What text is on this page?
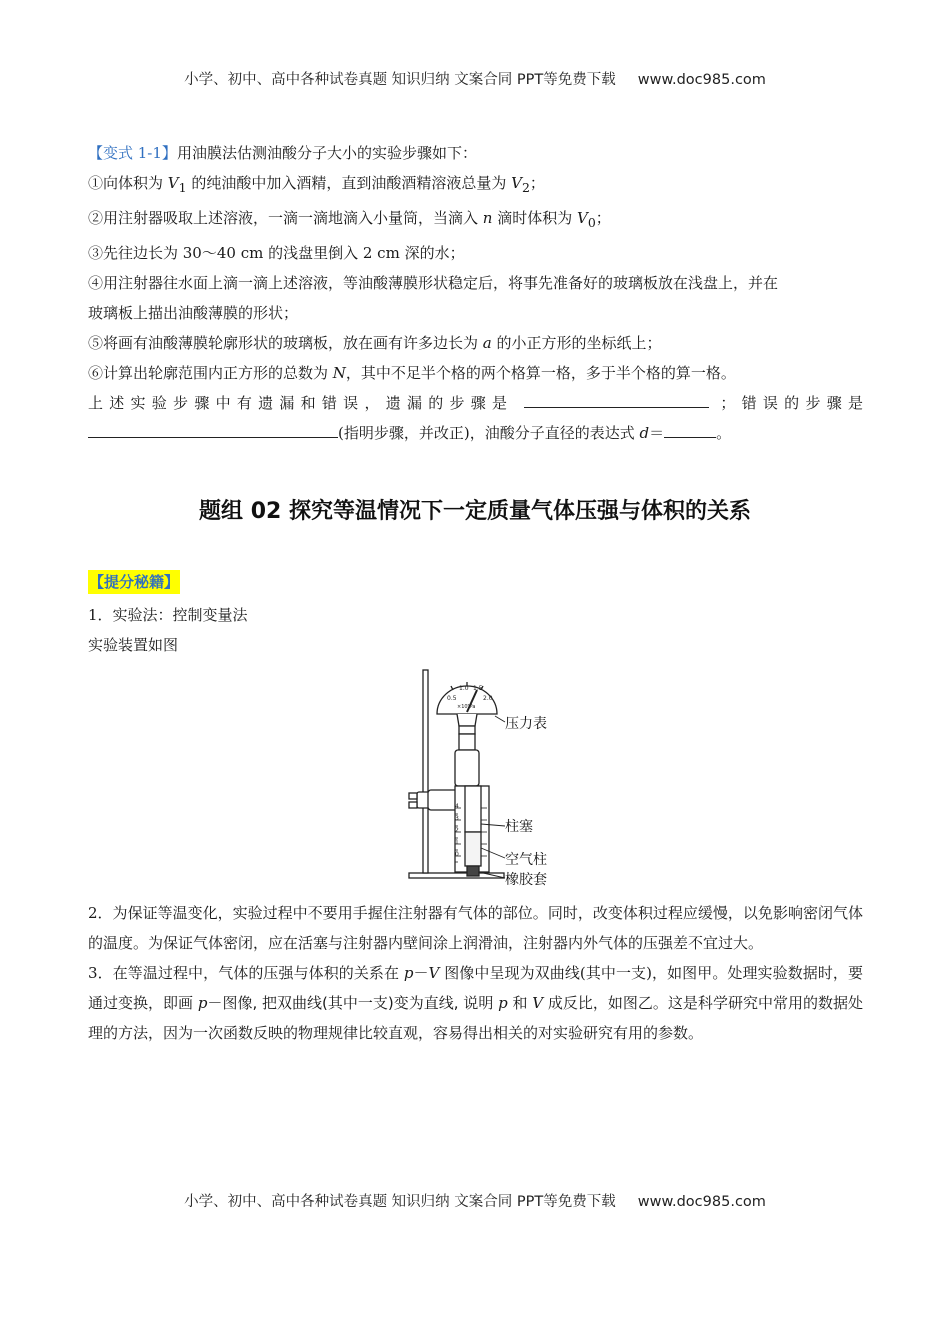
小学、初中、高中各种试卷真题 知识归纳 文案合同 PPT等免费下载 www.doc985.com
【变式 1-1】用油膜法估测油酸分子大小的实验步骤如下：
①向体积为 $V_1$ 的纯油酸中加入酒精，直到油酸酒精溶液总量为 $V_2$；
②用注射器吸取上述溶液，一滴一滴地滴入小量筒，当滴入 n 滴时体积为 $V_0$；
③先往边长为 30～40 cm 的浅盘里倒入 2 cm 深的水；
④用注射器往水面上滴一滴上述溶液，等油酸薄膜形状稳定后，将事先准备好的玻璃板放在浅盘上，并在
玻璃板上描出油酸薄膜的形状；
⑤将画有油酸薄膜轮廓形状的玻璃板，放在画有许多边长为 a 的小正方形的坐标纸上；
⑥计算出轮廓范围内正方形的总数为 N，其中不足半个格的两个格算一格，多于半个格的算一格。
上述实验步骤中有遗漏和错误，遗漏的步骤是	；错误的步骤是
(指明步骤，并改正)，油酸分子直径的表达式 d＝	。
题组 02 探究等温情况下一定质量气体压强与体积的关系
【提分秘籍】
1．实验法：控制变量法
实验装置如图
0.5
1.0 1.5
2.0
×10⁵Pa
4
3
2
1
0
压力表
柱塞
空气柱
橡胶套
2．为保证等温变化，实验过程中不要用手握住注射器有气体的部位。同时，改变体积过程应缓慢，以免影响密闭气体的温度。为保证气体密闭，应在活塞与注射器内壁间涂上润滑油，注射器内外气体的压强差不宜过大。
3．在等温过程中，气体的压强与体积的关系在 p－V 图像中呈现为双曲线(其中一支)，如图甲。处理实验数据时，要通过变换，即画 p－图像, 把双曲线(其中一支)变为直线, 说明 p 和 V 成反比，如图乙。这是科学研究中常用的数据处理的方法，因为一次函数反映的物理规律比较直观，容易得出相关的对实验研究有用的参数。
小学、初中、高中各种试卷真题 知识归纳 文案合同 PPT等免费下载 www.doc985.com
